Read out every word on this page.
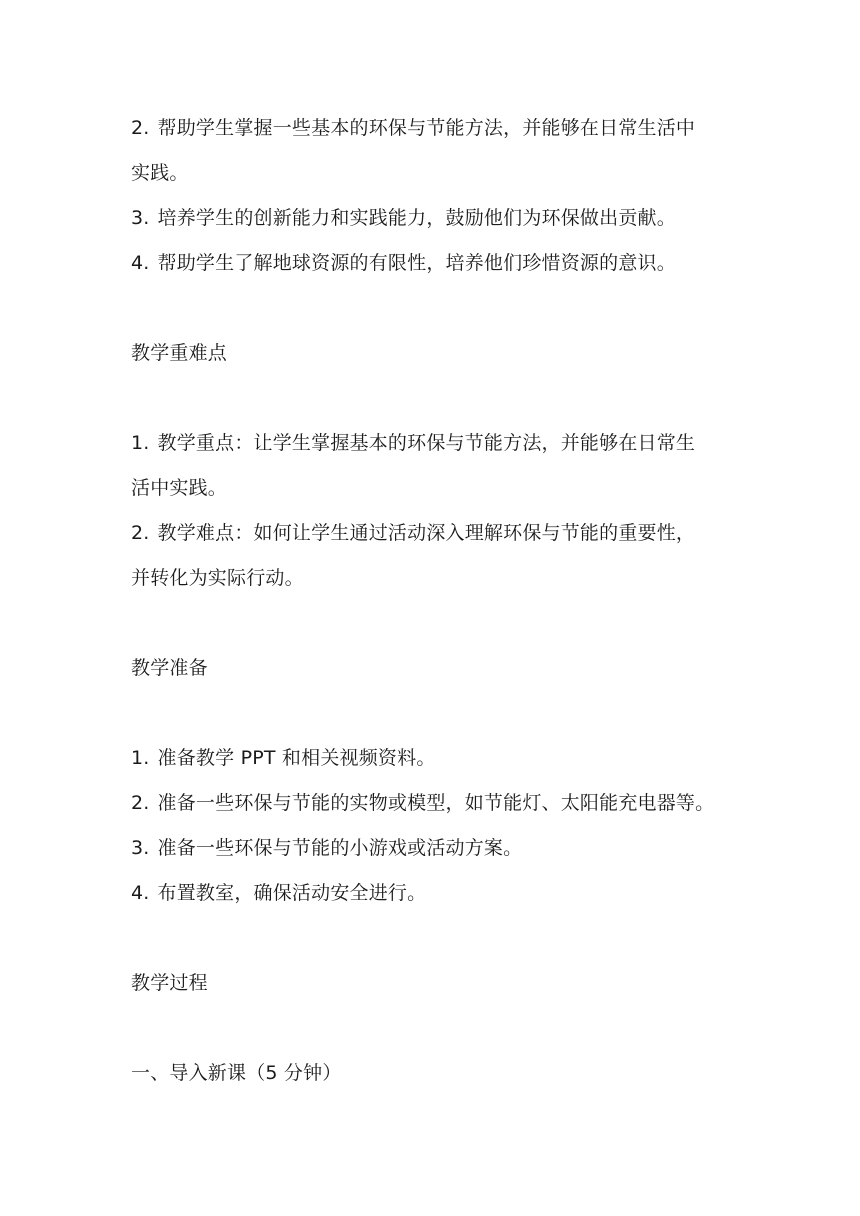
2. 帮助学生掌握一些基本的环保与节能方法，并能够在日常生活中
实践。
3. 培养学生的创新能力和实践能力，鼓励他们为环保做出贡献。
4. 帮助学生了解地球资源的有限性，培养他们珍惜资源的意识。
教学重难点
1. 教学重点：让学生掌握基本的环保与节能方法，并能够在日常生
活中实践。
2. 教学难点：如何让学生通过活动深入理解环保与节能的重要性，
并转化为实际行动。
教学准备
1. 准备教学 PPT 和相关视频资料。
2. 准备一些环保与节能的实物或模型，如节能灯、太阳能充电器等。
3. 准备一些环保与节能的小游戏或活动方案。
4. 布置教室，确保活动安全进行。
教学过程
一、导入新课（5 分钟）
